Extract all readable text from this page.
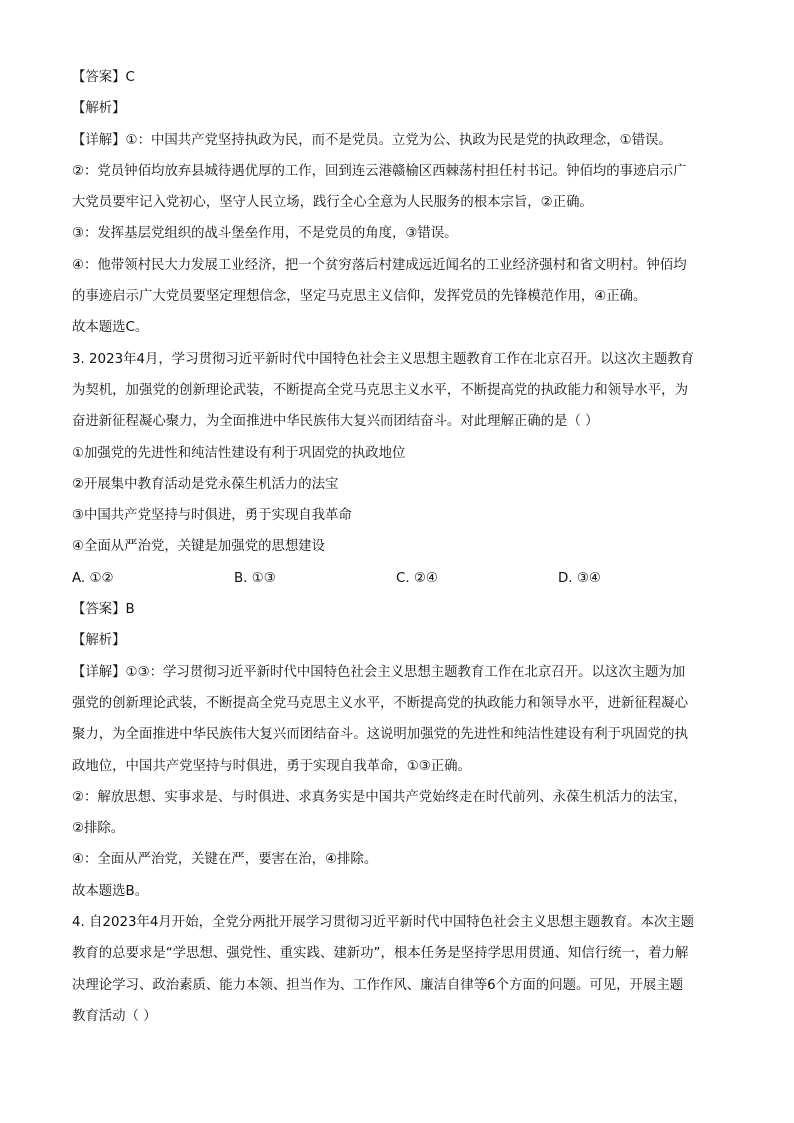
【答案】C
【解析】
【详解】①：中国共产党坚持执政为民，而不是党员。立党为公、执政为民是党的执政理念，①错误。
②：党员钟佰均放弃县城待遇优厚的工作，回到连云港赣榆区西棘荡村担任村书记。钟佰均的事迹启示广
大党员要牢记入党初心，坚守人民立场，践行全心全意为人民服务的根本宗旨，②正确。
③：发挥基层党组织的战斗堡垒作用，不是党员的角度，③错误。
④：他带领村民大力发展工业经济，把一个贫穷落后村建成远近闻名的工业经济强村和省文明村。钟佰均
的事迹启示广大党员要坚定理想信念，坚定马克思主义信仰，发挥党员的先锋模范作用，④正确。
故本题选C。
3. 2023年4月，学习贯彻习近平新时代中国特色社会主义思想主题教育工作在北京召开。以这次主题教育
为契机，加强党的创新理论武装，不断提高全党马克思主义水平，不断提高党的执政能力和领导水平，为
奋进新征程凝心聚力，为全面推进中华民族伟大复兴而团结奋斗。对此理解正确的是（ ）
①加强党的先进性和纯洁性建设有利于巩固党的执政地位
②开展集中教育活动是党永葆生机活力的法宝
③中国共产党坚持与时俱进，勇于实现自我革命
④全面从严治党，关键是加强党的思想建设
A. ①②	B. ①③	C. ②④	D. ③④
【答案】B
【解析】
【详解】①③：学习贯彻习近平新时代中国特色社会主义思想主题教育工作在北京召开。以这次主题为加
强党的创新理论武装，不断提高全党马克思主义水平，不断提高党的执政能力和领导水平，进新征程凝心
聚力，为全面推进中华民族伟大复兴而团结奋斗。这说明加强党的先进性和纯洁性建设有利于巩固党的执
政地位，中国共产党坚持与时俱进，勇于实现自我革命，①③正确。
②：解放思想、实事求是、与时俱进、求真务实是中国共产党始终走在时代前列、永葆生机活力的法宝，
②排除。
④：全面从严治党，关键在严，要害在治，④排除。
故本题选B。
4. 自2023年4月开始，全党分两批开展学习贯彻习近平新时代中国特色社会主义思想主题教育。本次主题
教育的总要求是“学思想、强党性、重实践、建新功”，根本任务是坚持学思用贯通、知信行统一，着力解
决理论学习、政治素质、能力本领、担当作为、工作作风、廉洁自律等6个方面的问题。可见，开展主题
教育活动（ ）
